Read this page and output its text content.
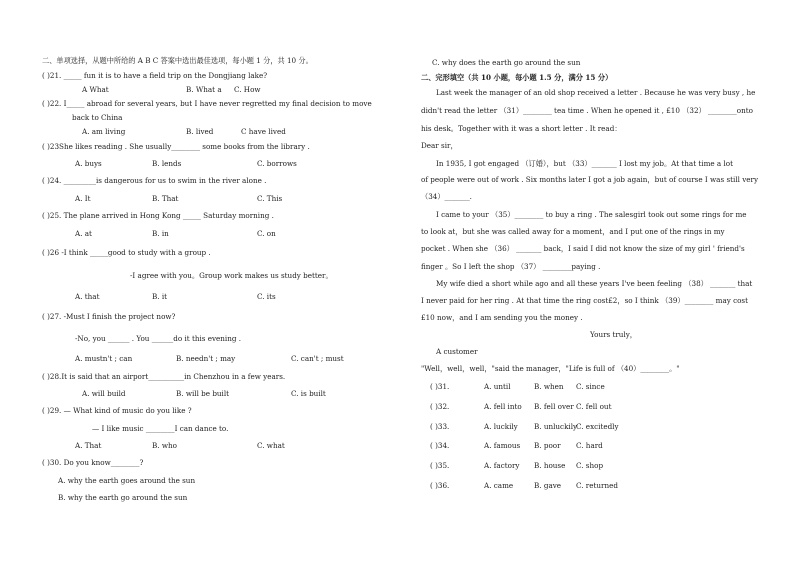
二、单项选择，从题中所给的 A B C 答案中选出最佳选项，每小题 1 分，共 10 分。
( )21. _____ fun it is to have a field trip on the Dongjiang lake?
A What	B. What a C. How
( )22. I_____ abroad for several years, but I have never regretted my final decision to move
back to China
A. am living	B. lived	C have lived
( )23She likes reading . She usually________ some books from the library .
A. buys	B. lends	C. borrows
( )24. _________is dangerous for us to swim in the river alone .
A. It	B. That	C. This
( )25. The plane arrived in Hong Kong _____ Saturday morning .
A. at	B. in	C. on
( )26 -I think _____good to study with a group .
-I agree with you。Group work makes us study better。
A. that	B. it	C. its
( )27. -Must I finish the project now?
-No, you ______ . You ______do it this evening .
A. mustn't ; can	B. needn't ; may	C. can't ; must
( )28.It is said that an airport__________in Chenzhou in a few years.
A. will build	B. will be built	C. is built
( )29. — What kind of music do you like ?
— I like music ________I can dance to.
A. That	B. who	C. what
( )30. Do you know________?
A. why the earth goes around the sun
B. why the earth go around the sun
C. why does the earth go around the sun
二、完形填空（共 10 小题，每小题 1.5 分，满分 15 分）
Last week the manager of an old shop received a letter . Because he was very busy , he
didn't read the letter （31）________ tea time . When he opened it , £10 （32） ________onto
his desk。Together with it was a short letter . It read：
Dear sir，
In 1935, I got engaged （订婚），but （33）_______ I lost my job。At that time a lot
of people were out of work . Six months later I got a job again，but of course I was still very
（34）_______.
I came to your （35）________ to buy a ring . The salesgirl took out some rings for me
to look at，but she was called away for a moment，and I put one of the rings in my
pocket . When she （36） _______ back，I said I did not know the size of my girl ' friend's
finger 。So I left the shop （37） ________paying .
My wife died a short while ago and all these years I've been feeling （38） _______ that
I never paid for her ring . At that time the ring cost£2，so I think （39）________ may cost
£10 now，and I am sending you the money .
Yours truly，
A customer
"Well，well，well，"said the manager，"Life is full of （40）________。"
( )31.	A. until	B. when C. since
( )32.	A. fell into B. fell over C. fell out
( )33.	A. luckily B. unluckily
C. excitedly
( )34.	A. famous B. poor C. hard
( )35.	A. factory B. house C. shop
( )36.	A. came	B. gave C. returned
